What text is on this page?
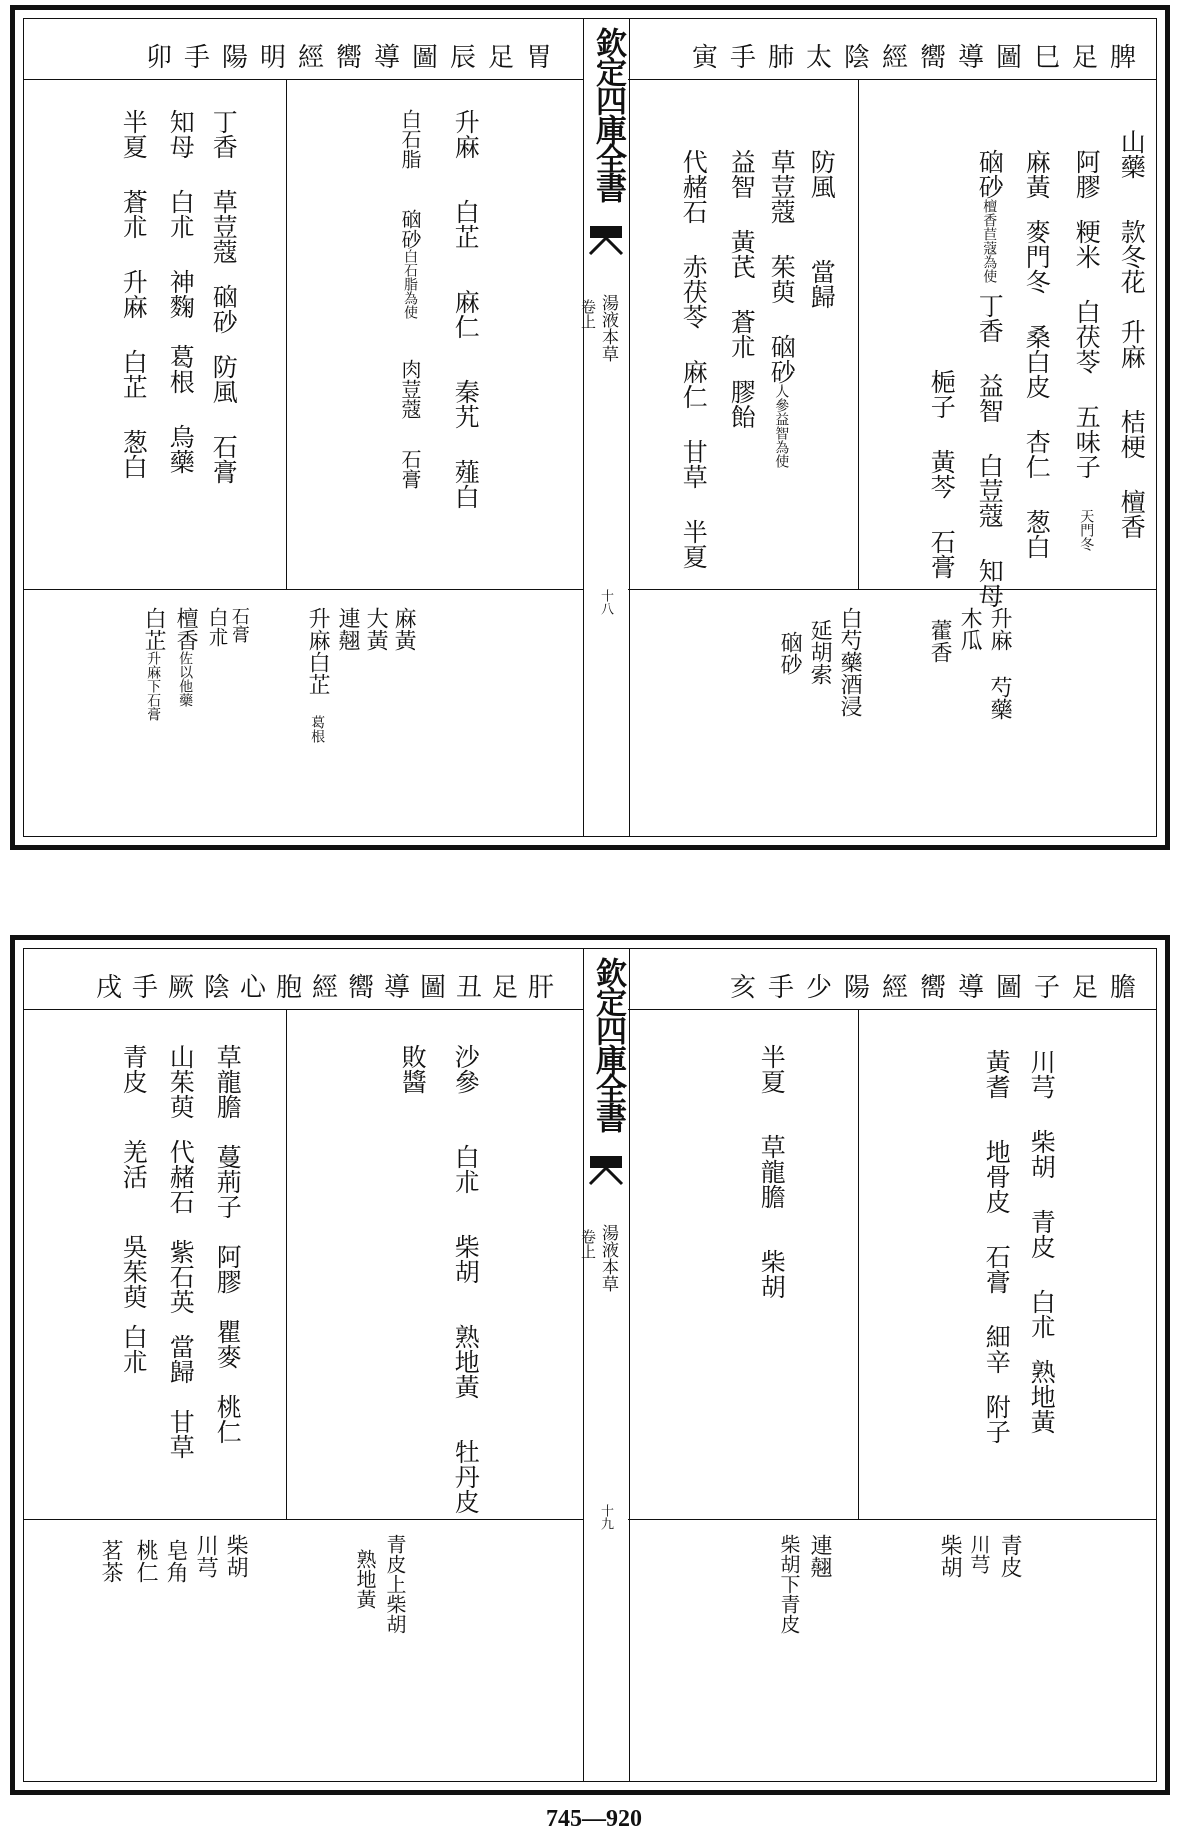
卯手陽明經嚮導圖辰足胃
升麻白芷麻仁秦艽薤白
白石脂硇砂白石脂為使肉荳蔻石膏
丁香草荳蔻硇砂防風石膏
知母白朮神麴葛根烏藥
半夏蒼朮升麻白芷葱白
麻黃
大黃
連翹
升麻白芷葛根
石膏
白朮
檀香佐以他藥
白芷升麻下石膏
欽定四庫全書
湯液本草
卷上
十八
寅手肺太陰經嚮導圖巳足脾
山藥款冬花升麻桔梗檀香
阿膠粳米白茯苓五味子天門冬
麻黃麥門冬桑白皮杏仁葱白
硇砂檀香苣蔻為使丁香益智白荳蔻知母
梔子黃芩石膏
防風當歸
草荳蔻茱萸硇砂人參益智為使
益智黃芪蒼朮膠飴
代赭石赤茯苓麻仁甘草半夏
升麻芍藥
木瓜
藿香
白芍藥酒浸
延胡索
硇砂
戌手厥陰心胞經嚮導圖丑足肝
沙參白朮柴胡熟地黃牡丹皮
敗醬
草龍膽蔓荊子阿膠瞿麥桃仁
山茱萸代赭石紫石英當歸甘草
青皮羌活吳茱萸白朮
青皮上柴胡
熟地黃
柴胡
川芎
皂角
桃仁
茗茶
欽定四庫全書
湯液本草
卷上
十九
亥手少陽經嚮導圖子足膽
川芎柴胡青皮白朮熟地黃
黃耆地骨皮石膏細辛附子
半夏草龍膽柴胡
青皮
川芎
柴胡
連翹
柴胡下青皮
745—920
